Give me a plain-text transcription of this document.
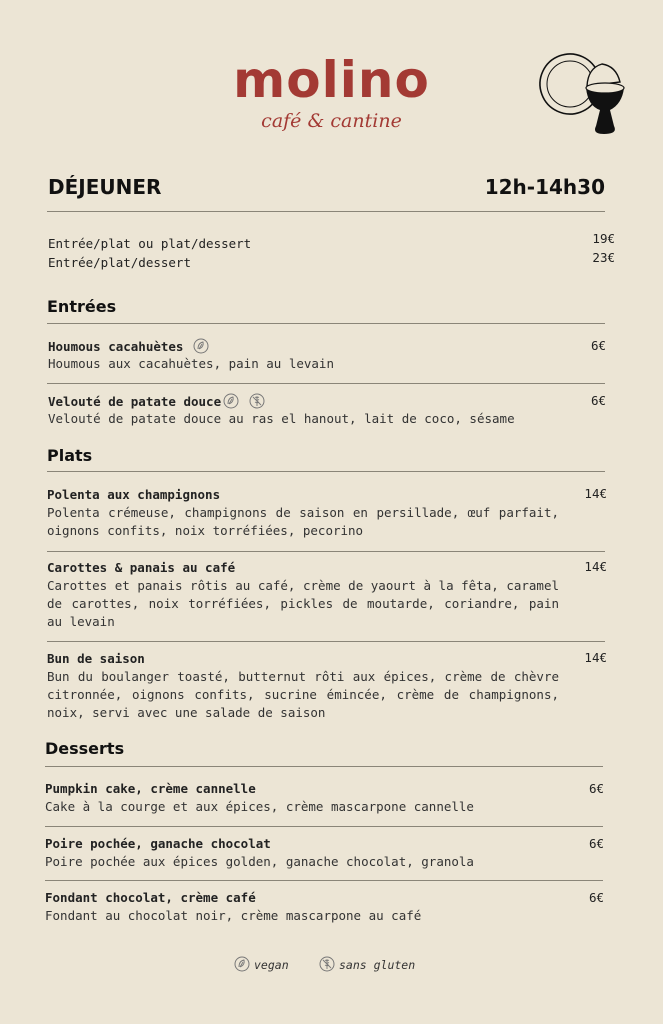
molino
café & cantine
DÉJEUNER	12h-14h30
Entrée/plat ou plat/dessert	19€
Entrée/plat/dessert	23€
Entrées
Houmous cacahuètes	6€
Houmous aux cacahuètes, pain au levain
Velouté de patate douce	6€
Velouté de patate douce au ras el hanout, lait de coco, sésame
Plats
Polenta aux champignons	14€
Polenta crémeuse, champignons de saison en persillade, œuf parfait, oignons confits, noix torréfiées, pecorino
Carottes & panais au café	14€
Carottes et panais rôtis au café, crème de yaourt à la fêta, caramel de carottes, noix torréfiées, pickles de moutarde, coriandre, pain au levain
Bun de saison	14€
Bun du boulanger toasté, butternut rôti aux épices, crème de chèvre citronnée, oignons confits, sucrine émincée, crème de champignons, noix, servi avec une salade de saison
Desserts
Pumpkin cake, crème cannelle	6€
Cake à la courge et aux épices, crème mascarpone cannelle
Poire pochée, ganache chocolat	6€
Poire pochée aux épices golden, ganache chocolat, granola
Fondant chocolat, crème café	6€
Fondant au chocolat noir, crème mascarpone au café
vegan	sans gluten
